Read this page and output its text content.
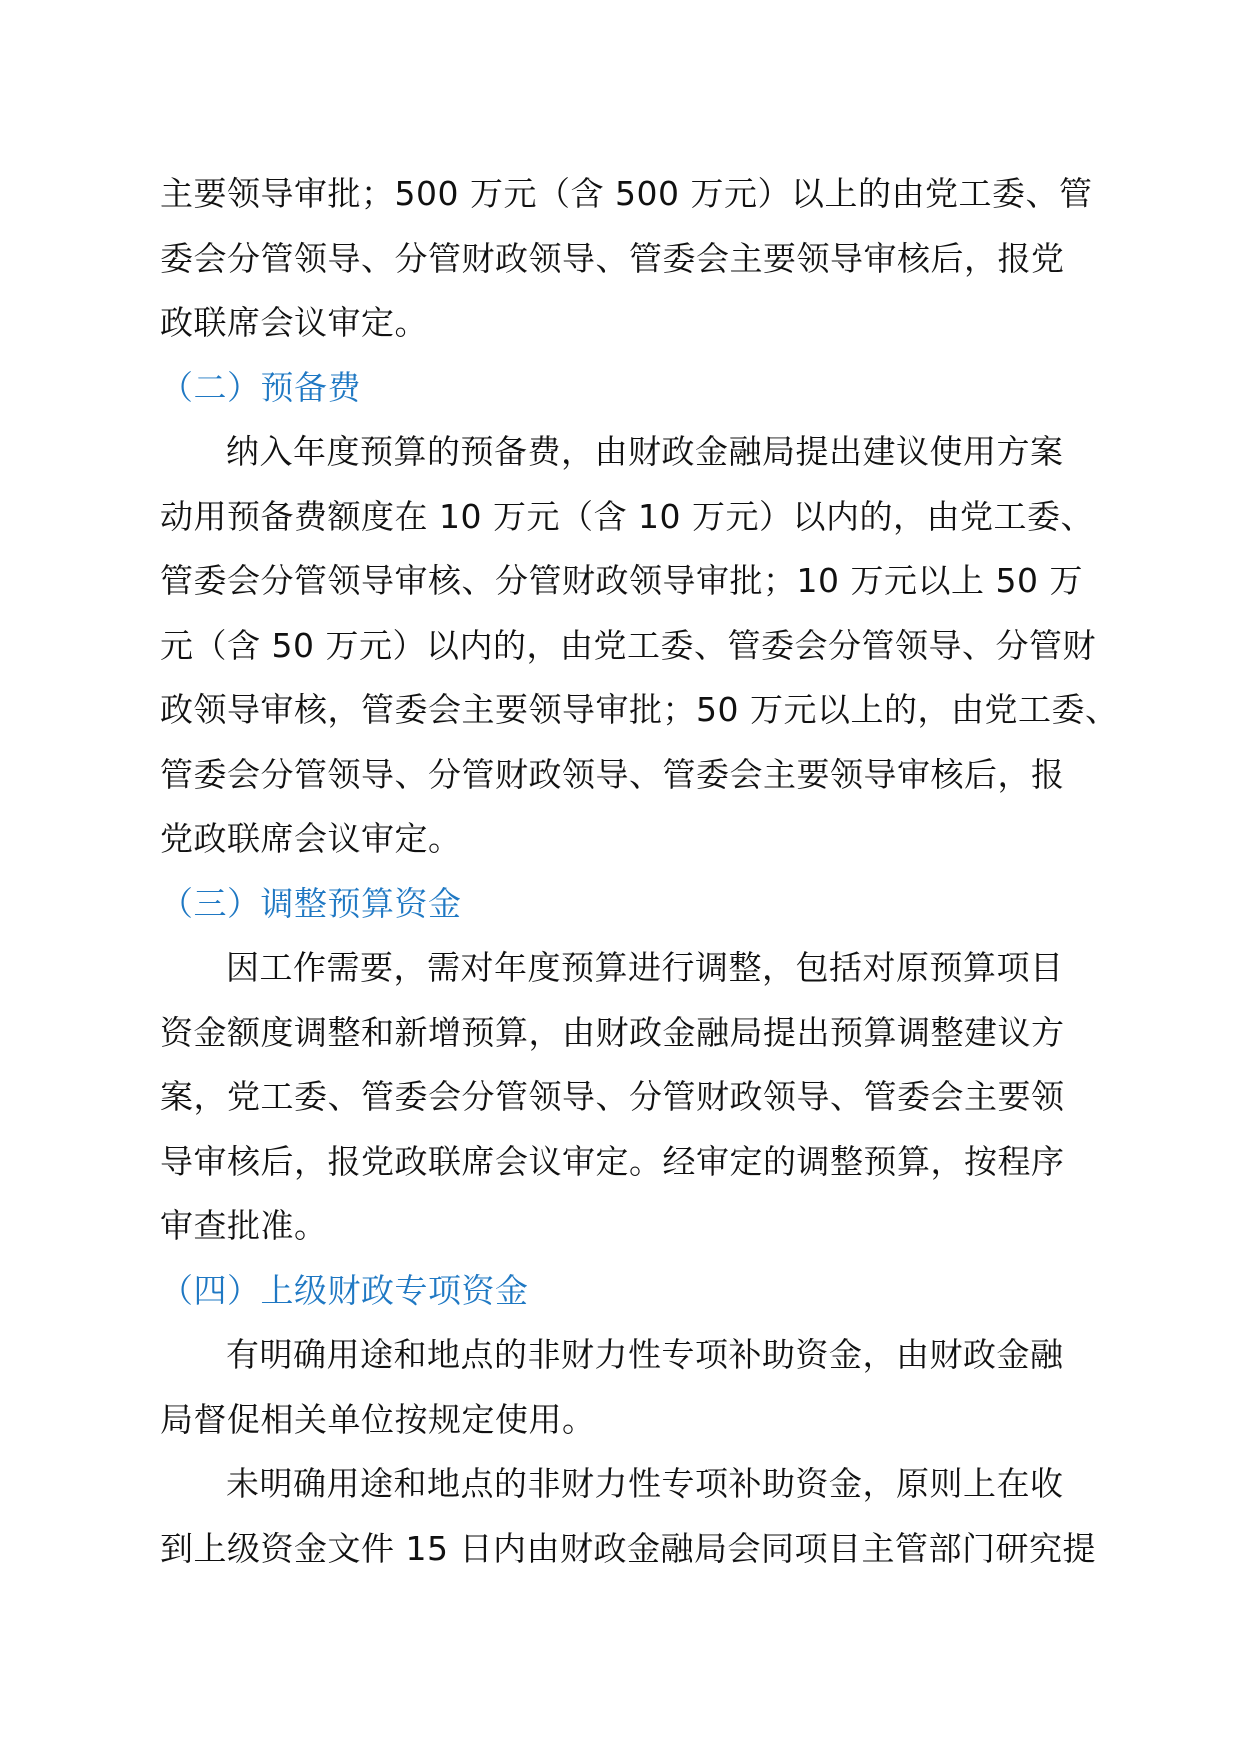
主要领导审批；500 万元（含 500 万元）以上的由党工委、管
委会分管领导、分管财政领导、管委会主要领导审核后，报党
政联席会议审定。

（二）预备费

纳入年度预算的预备费，由财政金融局提出建议使用方案
动用预备费额度在 10 万元（含 10 万元）以内的，由党工委、
管委会分管领导审核、分管财政领导审批；10 万元以上 50 万
元（含 50 万元）以内的，由党工委、管委会分管领导、分管财
政领导审核，管委会主要领导审批；50 万元以上的，由党工委、
管委会分管领导、分管财政领导、管委会主要领导审核后，报
党政联席会议审定。

（三）调整预算资金

因工作需要，需对年度预算进行调整，包括对原预算项目
资金额度调整和新增预算，由财政金融局提出预算调整建议方
案，党工委、管委会分管领导、分管财政领导、管委会主要领
导审核后，报党政联席会议审定。经审定的调整预算，按程序
审查批准。

（四）上级财政专项资金

有明确用途和地点的非财力性专项补助资金，由财政金融
局督促相关单位按规定使用。

未明确用途和地点的非财力性专项补助资金，原则上在收
到上级资金文件 15 日内由财政金融局会同项目主管部门研究提
